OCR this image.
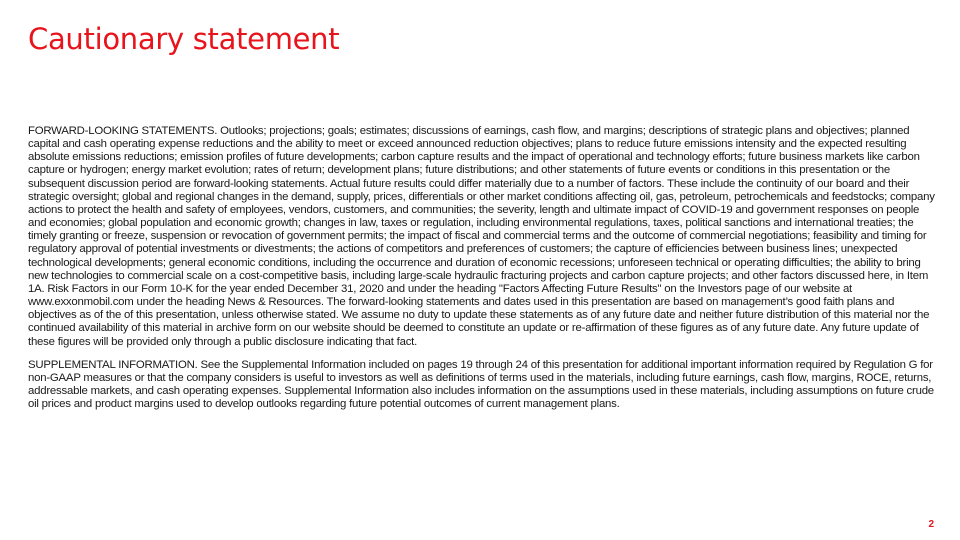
Cautionary statement

FORWARD-LOOKING STATEMENTS. Outlooks; projections; goals; estimates; discussions of earnings, cash flow, and margins; descriptions of strategic plans and objectives; planned capital and cash operating expense reductions and the ability to meet or exceed announced reduction objectives; plans to reduce future emissions intensity and the expected resulting absolute emissions reductions; emission profiles of future developments; carbon capture results and the impact of operational and technology efforts; future business markets like carbon capture or hydrogen; energy market evolution; rates of return; development plans; future distributions; and other statements of future events or conditions in this presentation or the subsequent discussion period are forward-looking statements. Actual future results could differ materially due to a number of factors. These include the continuity of our board and their strategic oversight; global and regional changes in the demand, supply, prices, differentials or other market conditions affecting oil, gas, petroleum, petrochemicals and feedstocks; company actions to protect the health and safety of employees, vendors, customers, and communities; the severity, length and ultimate impact of COVID-19 and government responses on people and economies; global population and economic growth; changes in law, taxes or regulation, including environmental regulations, taxes, political sanctions and international treaties; the timely granting or freeze, suspension or revocation of government permits; the impact of fiscal and commercial terms and the outcome of commercial negotiations; feasibility and timing for regulatory approval of potential investments or divestments; the actions of competitors and preferences of customers; the capture of efficiencies between business lines; unexpected technological developments; general economic conditions, including the occurrence and duration of economic recessions; unforeseen technical or operating difficulties; the ability to bring new technologies to commercial scale on a cost-competitive basis, including large-scale hydraulic fracturing projects and carbon capture projects; and other factors discussed here, in Item 1A. Risk Factors in our Form 10-K for the year ended December 31, 2020 and under the heading "Factors Affecting Future Results" on the Investors page of our website at www.exxonmobil.com under the heading News & Resources. The forward-looking statements and dates used in this presentation are based on management’s good faith plans and objectives as of the of this presentation, unless otherwise stated. We assume no duty to update these statements as of any future date and neither future distribution of this material nor the continued availability of this material in archive form on our website should be deemed to constitute an update or re-affirmation of these figures as of any future date. Any future update of these figures will be provided only through a public disclosure indicating that fact.

SUPPLEMENTAL INFORMATION. See the Supplemental Information included on pages 19 through 24 of this presentation for additional important information required by Regulation G for non-GAAP measures or that the company considers is useful to investors as well as definitions of terms used in the materials, including future earnings, cash flow, margins, ROCE, returns, addressable markets, and cash operating expenses. Supplemental Information also includes information on the assumptions used in these materials, including assumptions on future crude oil prices and product margins used to develop outlooks regarding future potential outcomes of current management plans.

2
